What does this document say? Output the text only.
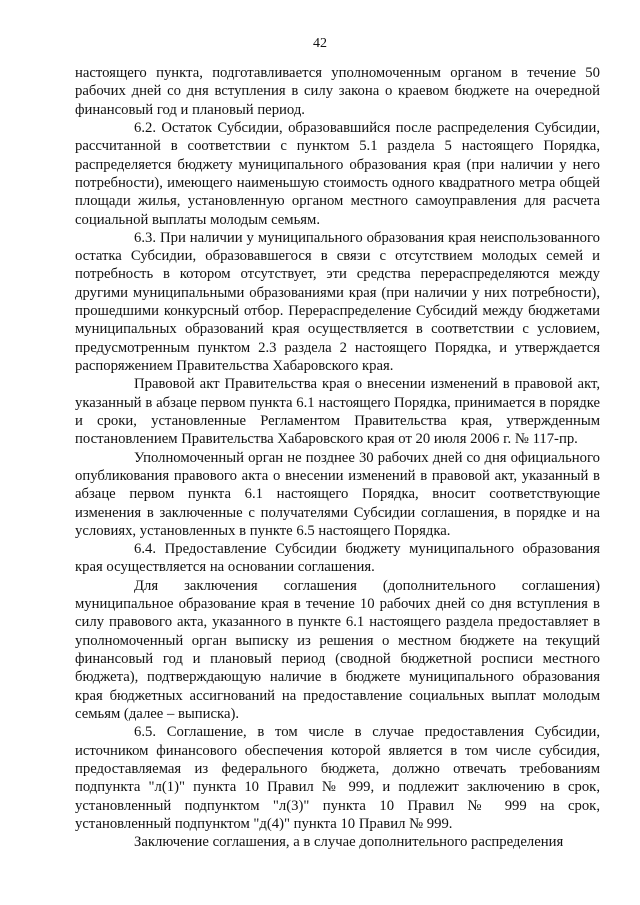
42

настоящего пункта, подготавливается уполномоченным органом в течение 50 рабочих дней со дня вступления в силу закона о краевом бюджете на очередной финансовый год и плановый период.

6.2. Остаток Субсидии, образовавшийся после распределения Субсидии, рассчитанной в соответствии с пунктом 5.1 раздела 5 настоящего Порядка, распределяется бюджету муниципального образования края (при наличии у него потребности), имеющего наименьшую стоимость одного квадратного метра общей площади жилья, установленную органом местного самоуправления для расчета социальной выплаты молодым семьям.

6.3. При наличии у муниципального образования края неиспользованного остатка Субсидии, образовавшегося в связи с отсутствием молодых семей и потребность в котором отсутствует, эти средства перераспределяются между другими муниципальными образованиями края (при наличии у них потребности), прошедшими конкурсный отбор. Перераспределение Субсидий между бюджетами муниципальных образований края осуществляется в соответствии с условием, предусмотренным пунктом 2.3 раздела 2 настоящего Порядка, и утверждается распоряжением Правительства Хабаровского края.

Правовой акт Правительства края о внесении изменений в правовой акт, указанный в абзаце первом пункта 6.1 настоящего Порядка, принимается в порядке и сроки, установленные Регламентом Правительства края, утвержденным постановлением Правительства Хабаровского края от 20 июля 2006 г. № 117-пр.

Уполномоченный орган не позднее 30 рабочих дней со дня официального опубликования правового акта о внесении изменений в правовой акт, указанный в абзаце первом пункта 6.1 настоящего Порядка, вносит соответствующие изменения в заключенные с получателями Субсидии соглашения, в порядке и на условиях, установленных в пункте 6.5 настоящего Порядка.

6.4. Предоставление Субсидии бюджету муниципального образования края осуществляется на основании соглашения.

Для заключения соглашения (дополнительного соглашения) муниципальное образование края в течение 10 рабочих дней со дня вступления в силу правового акта, указанного в пункте 6.1 настоящего раздела предоставляет в уполномоченный орган выписку из решения о местном бюджете на текущий финансовый год и плановый период (сводной бюджетной росписи местного бюджета), подтверждающую наличие в бюджете муниципального образования края бюджетных ассигнований на предоставление социальных выплат молодым семьям (далее – выписка).

6.5. Соглашение, в том числе в случае предоставления Субсидии, источником финансового обеспечения которой является в том числе субсидия, предоставляемая из федерального бюджета, должно отвечать требованиям подпункта "л(1)" пункта 10 Правил № 999, и подлежит заключению в срок, установленный подпунктом "л(3)" пункта 10 Правил № 999 на срок, установленный подпунктом "д(4)" пункта 10 Правил № 999.

Заключение соглашения, а в случае дополнительного распределения
